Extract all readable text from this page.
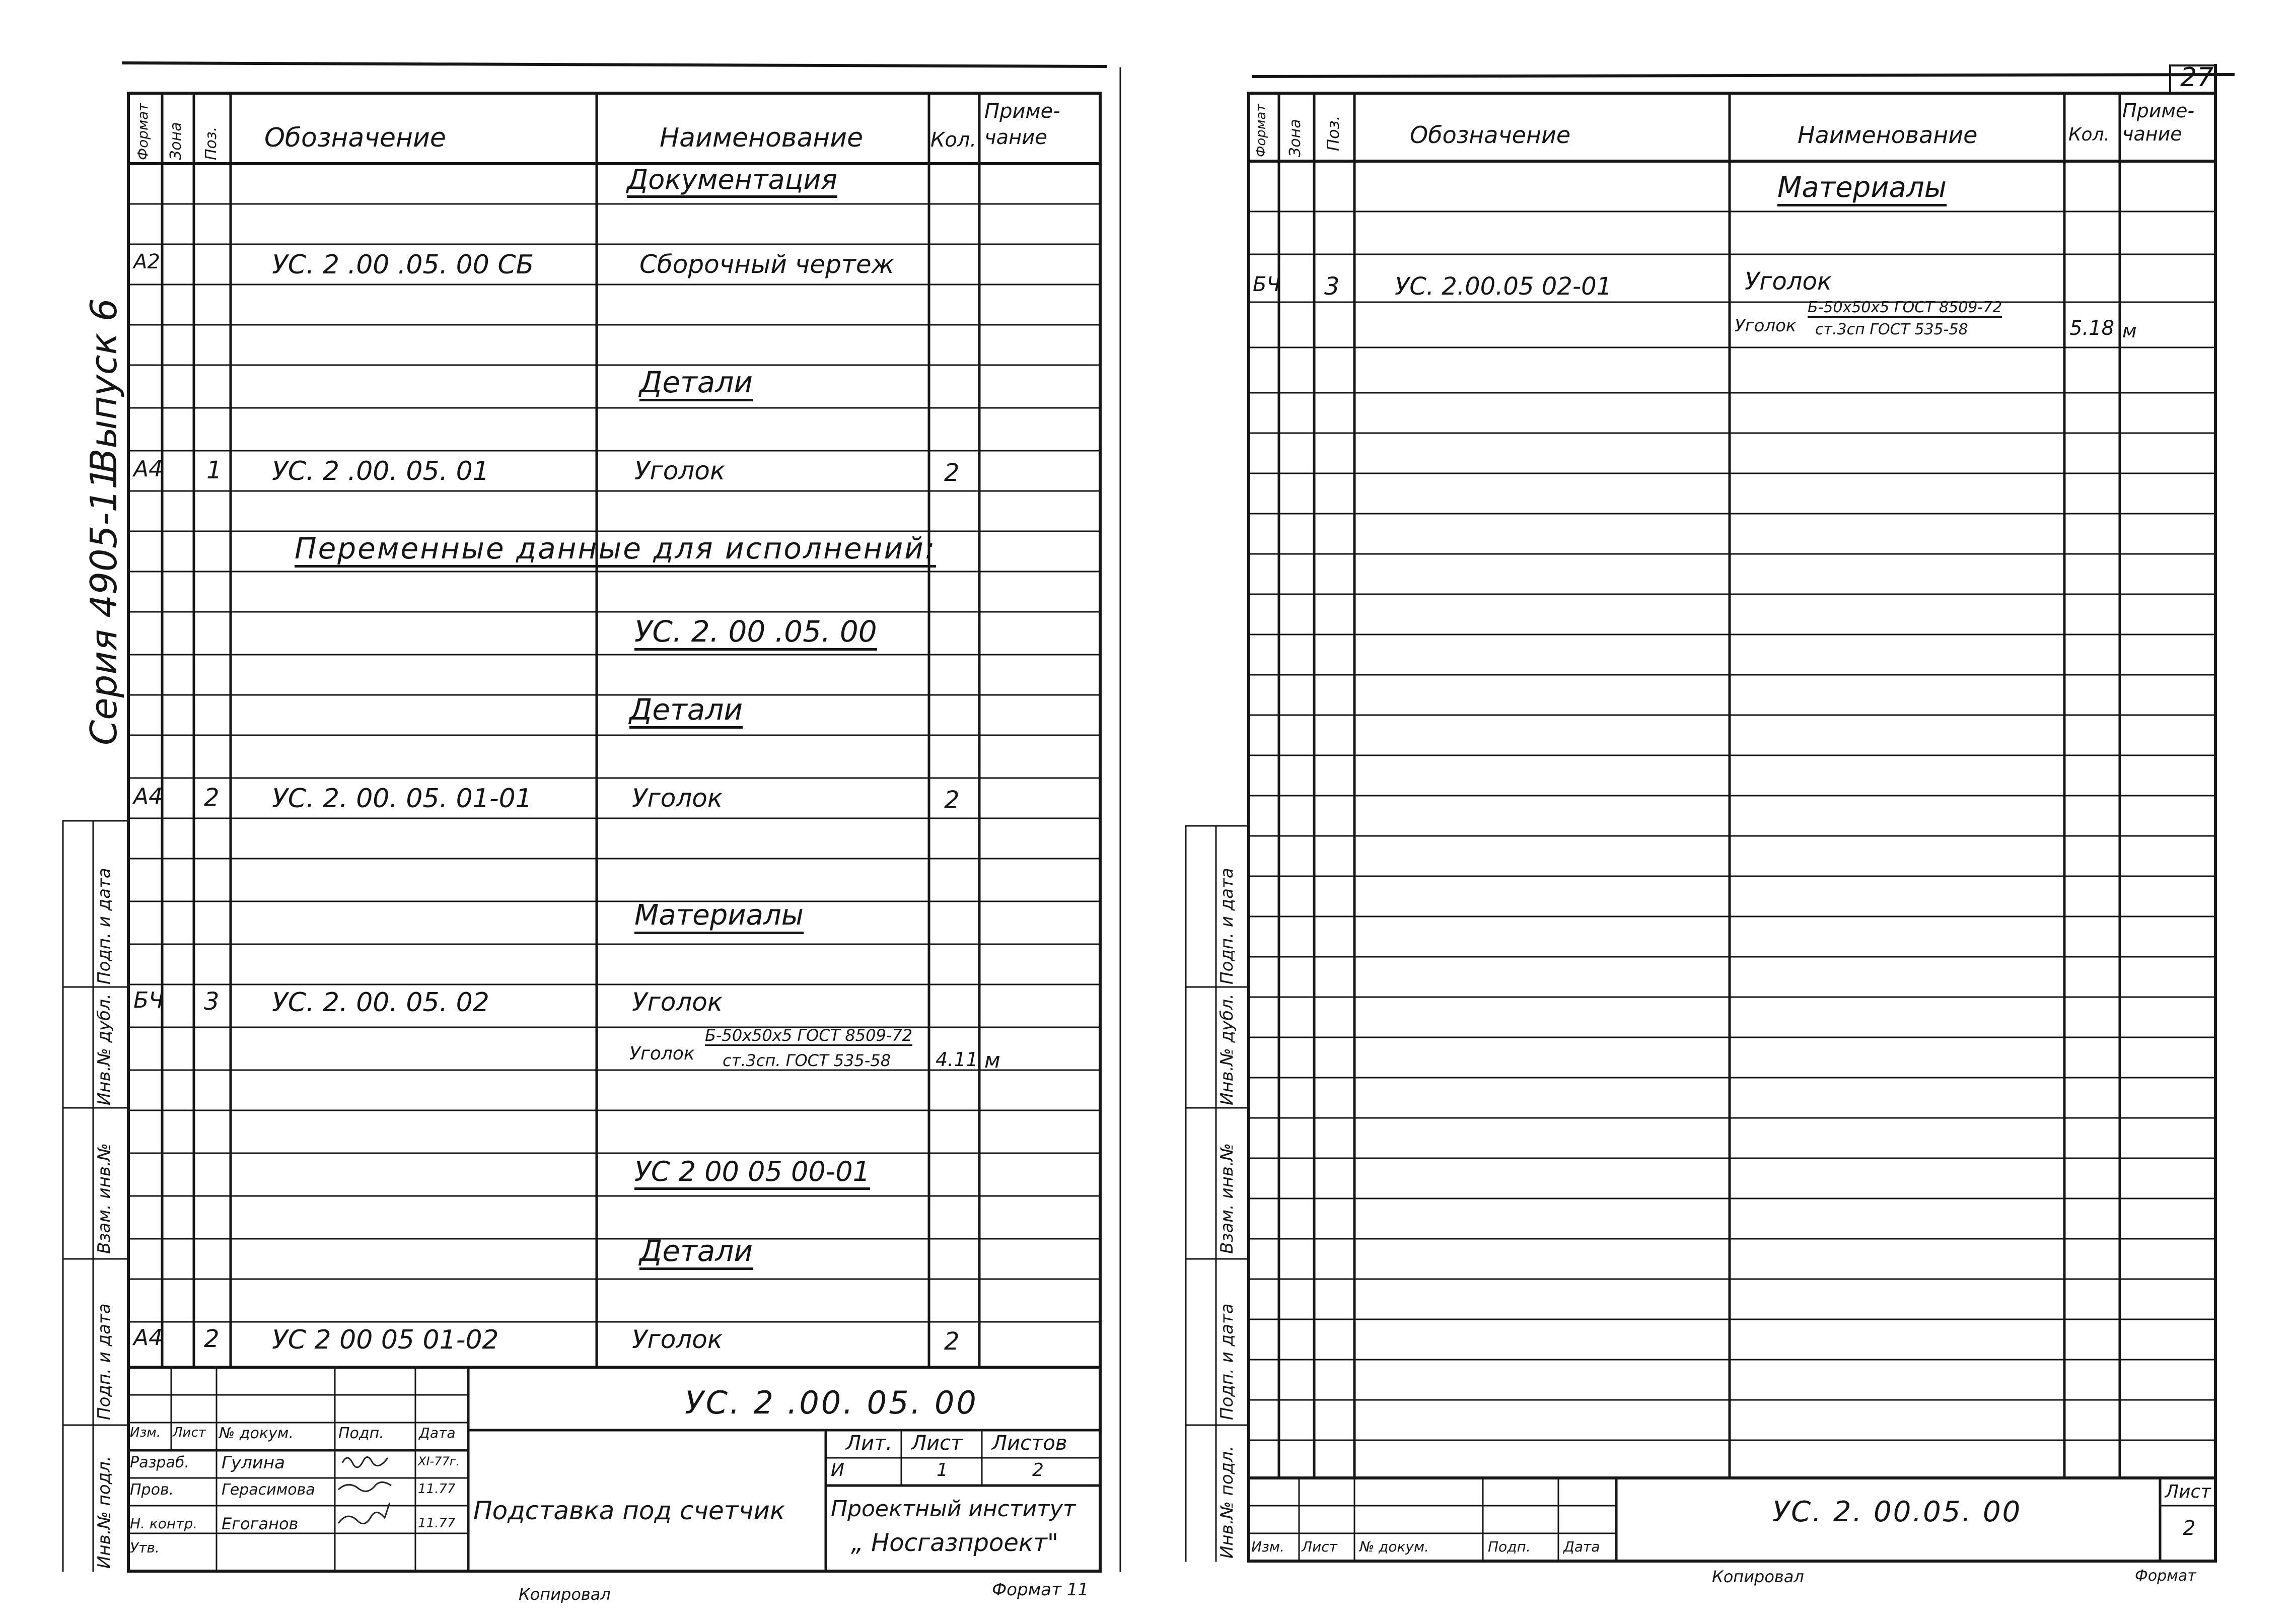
27
Выпуск 6
Серия 4905-11
Инв.№ подл.
Подп. и дата
Взам. инв.№
Инв.№ дубл.
Подп. и дата
Формат Зона Поз. Обозначение	Наименование	Кол.
Приме-
чание
Документация
А2	УС. 2 .00 .05. 00 СБ	Сборочный чертеж
Детали
А4 1 УС. 2 .00. 05. 01	Уголок	2
Переменные данные для исполнений:
УС. 2. 00 .05. 00
Детали
А4 2 УС. 2. 00. 05. 01-01	Уголок	2
Материалы
БЧ 3 УС. 2. 00. 05. 02	Уголок
Уголок
Б-50х50х5 ГОСТ 8509-72
ст.3сп. ГОСТ 535-58 4.11 м
УС 2 00 05 00-01
Детали
А4 2 УС 2 00 05 01-02	Уголок	2
УС. 2 .00. 05. 00
Изм. Лист № докум.	Подп. Дата
Разраб. Гулина	XI-77г.
Пров.	Герасимова	11.77
Н. контр. Егоганов	11.77
Утв.
Подставка под счетчик
Лит. Лист Листов
И	1	2
Проектный институт
„ Носгазпроект"
Копировал	Формат 11
Инв.№ подл.
Подп. и дата
Взам. инв.№
Инв.№ дубл.
Подп. и дата
Формат Зона Поз.	Обозначение	Наименование	Кол.
Приме-
чание
Материалы
БЧ 3 УС. 2.00.05 02-01	Уголок
Уголок
Б-50х50х5 ГОСТ 8509-72
ст.3сп ГОСТ 535-58	5.18 м
УС. 2. 00.05. 00
Лист
2
Изм. Лист № докум.	Подп. Дата
Копировал	Формат
